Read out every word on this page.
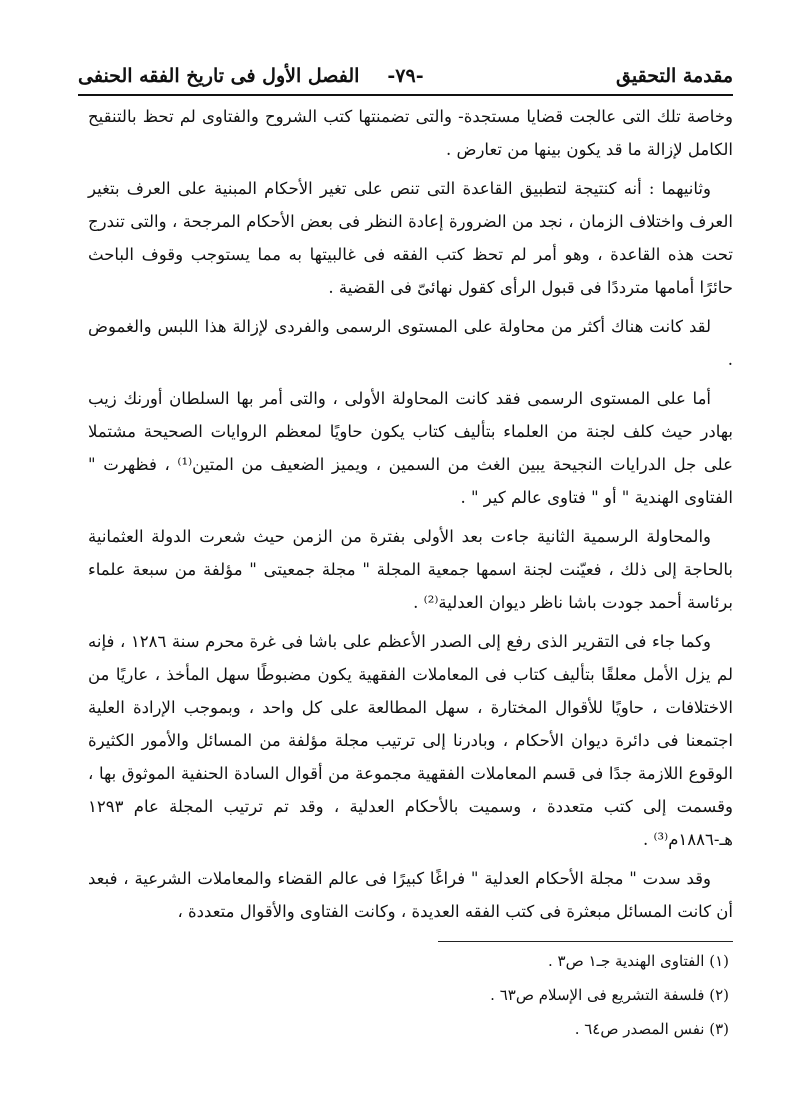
مقدمة التحقيق
-٧٩-
الفصل الأول فى تاريخ الفقه الحنفى

وخاصة تلك التى عالجت قضايا مستجدة- والتى تضمنتها كتب الشروح والفتاوى لم تحظ بالتنقيح الكامل لإزالة ما قد يكون بينها من تعارض .

وثانيهما : أنه كنتيجة لتطبيق القاعدة التى تنص على تغير الأحكام المبنية على العرف بتغير العرف واختلاف الزمان ، نجد من الضرورة إعادة النظر فى بعض الأحكام المرجحة ، والتى تندرج تحت هذه القاعدة ، وهو أمر لم تحظ كتب الفقه فى غالبيتها به مما يستوجب وقوف الباحث حائرًا أمامها مترددًا فى قبول الرأى كقول نهائىّ فى القضية .

لقد كانت هناك أكثر من محاولة على المستوى الرسمى والفردى لإزالة هذا اللبس والغموض .

أما على المستوى الرسمى فقد كانت المحاولة الأولى ، والتى أمر بها السلطان أورنك زيب بهادر حيث كلف لجنة من العلماء بتأليف كتاب يكون حاويًا لمعظم الروايات الصحيحة مشتملا على جل الدرايات النجيحة يبين الغث من السمين ، ويميز الضعيف من المتين⁽¹⁾ ، فظهرت " الفتاوى الهندية " أو " فتاوى عالم كير " .

والمحاولة الرسمية الثانية جاءت بعد الأولى بفترة من الزمن حيث شعرت الدولة العثمانية بالحاجة إلى ذلك ، فعيّنت لجنة اسمها جمعية المجلة " مجلة جمعيتى " مؤلفة من سبعة علماء برئاسة أحمد جودت باشا ناظر ديوان العدلية⁽²⁾ .

وكما جاء فى التقرير الذى رفع إلى الصدر الأعظم على باشا فى غرة محرم سنة ١٢٨٦ ، فإنه لم يزل الأمل معلقًا بتأليف كتاب فى المعاملات الفقهية يكون مضبوطًا سهل المأخذ ، عاريًا من الاختلافات ، حاويًا للأقوال المختارة ، سهل المطالعة على كل واحد ، وبموجب الإرادة العلية اجتمعنا فى دائرة ديوان الأحكام ، وبادرنا إلى ترتيب مجلة مؤلفة من المسائل والأمور الكثيرة الوقوع اللازمة جدًا فى قسم المعاملات الفقهية مجموعة من أقوال السادة الحنفية الموثوق بها ، وقسمت إلى كتب متعددة ، وسميت بالأحكام العدلية ، وقد تم ترتيب المجلة عام ١٢٩٣ هـ-١٨٨٦م⁽³⁾ .

وقد سدت " مجلة الأحكام العدلية " فراغًا كبيرًا فى عالم القضاء والمعاملات الشرعية ، فبعد أن كانت المسائل مبعثرة فى كتب الفقه العديدة ، وكانت الفتاوى والأقوال متعددة ،

(١) الفتاوى الهندية جـ١ ص٣ .
(٢) فلسفة التشريع فى الإسلام ص٦٣ .
(٣) نفس المصدر ص٦٤ .
